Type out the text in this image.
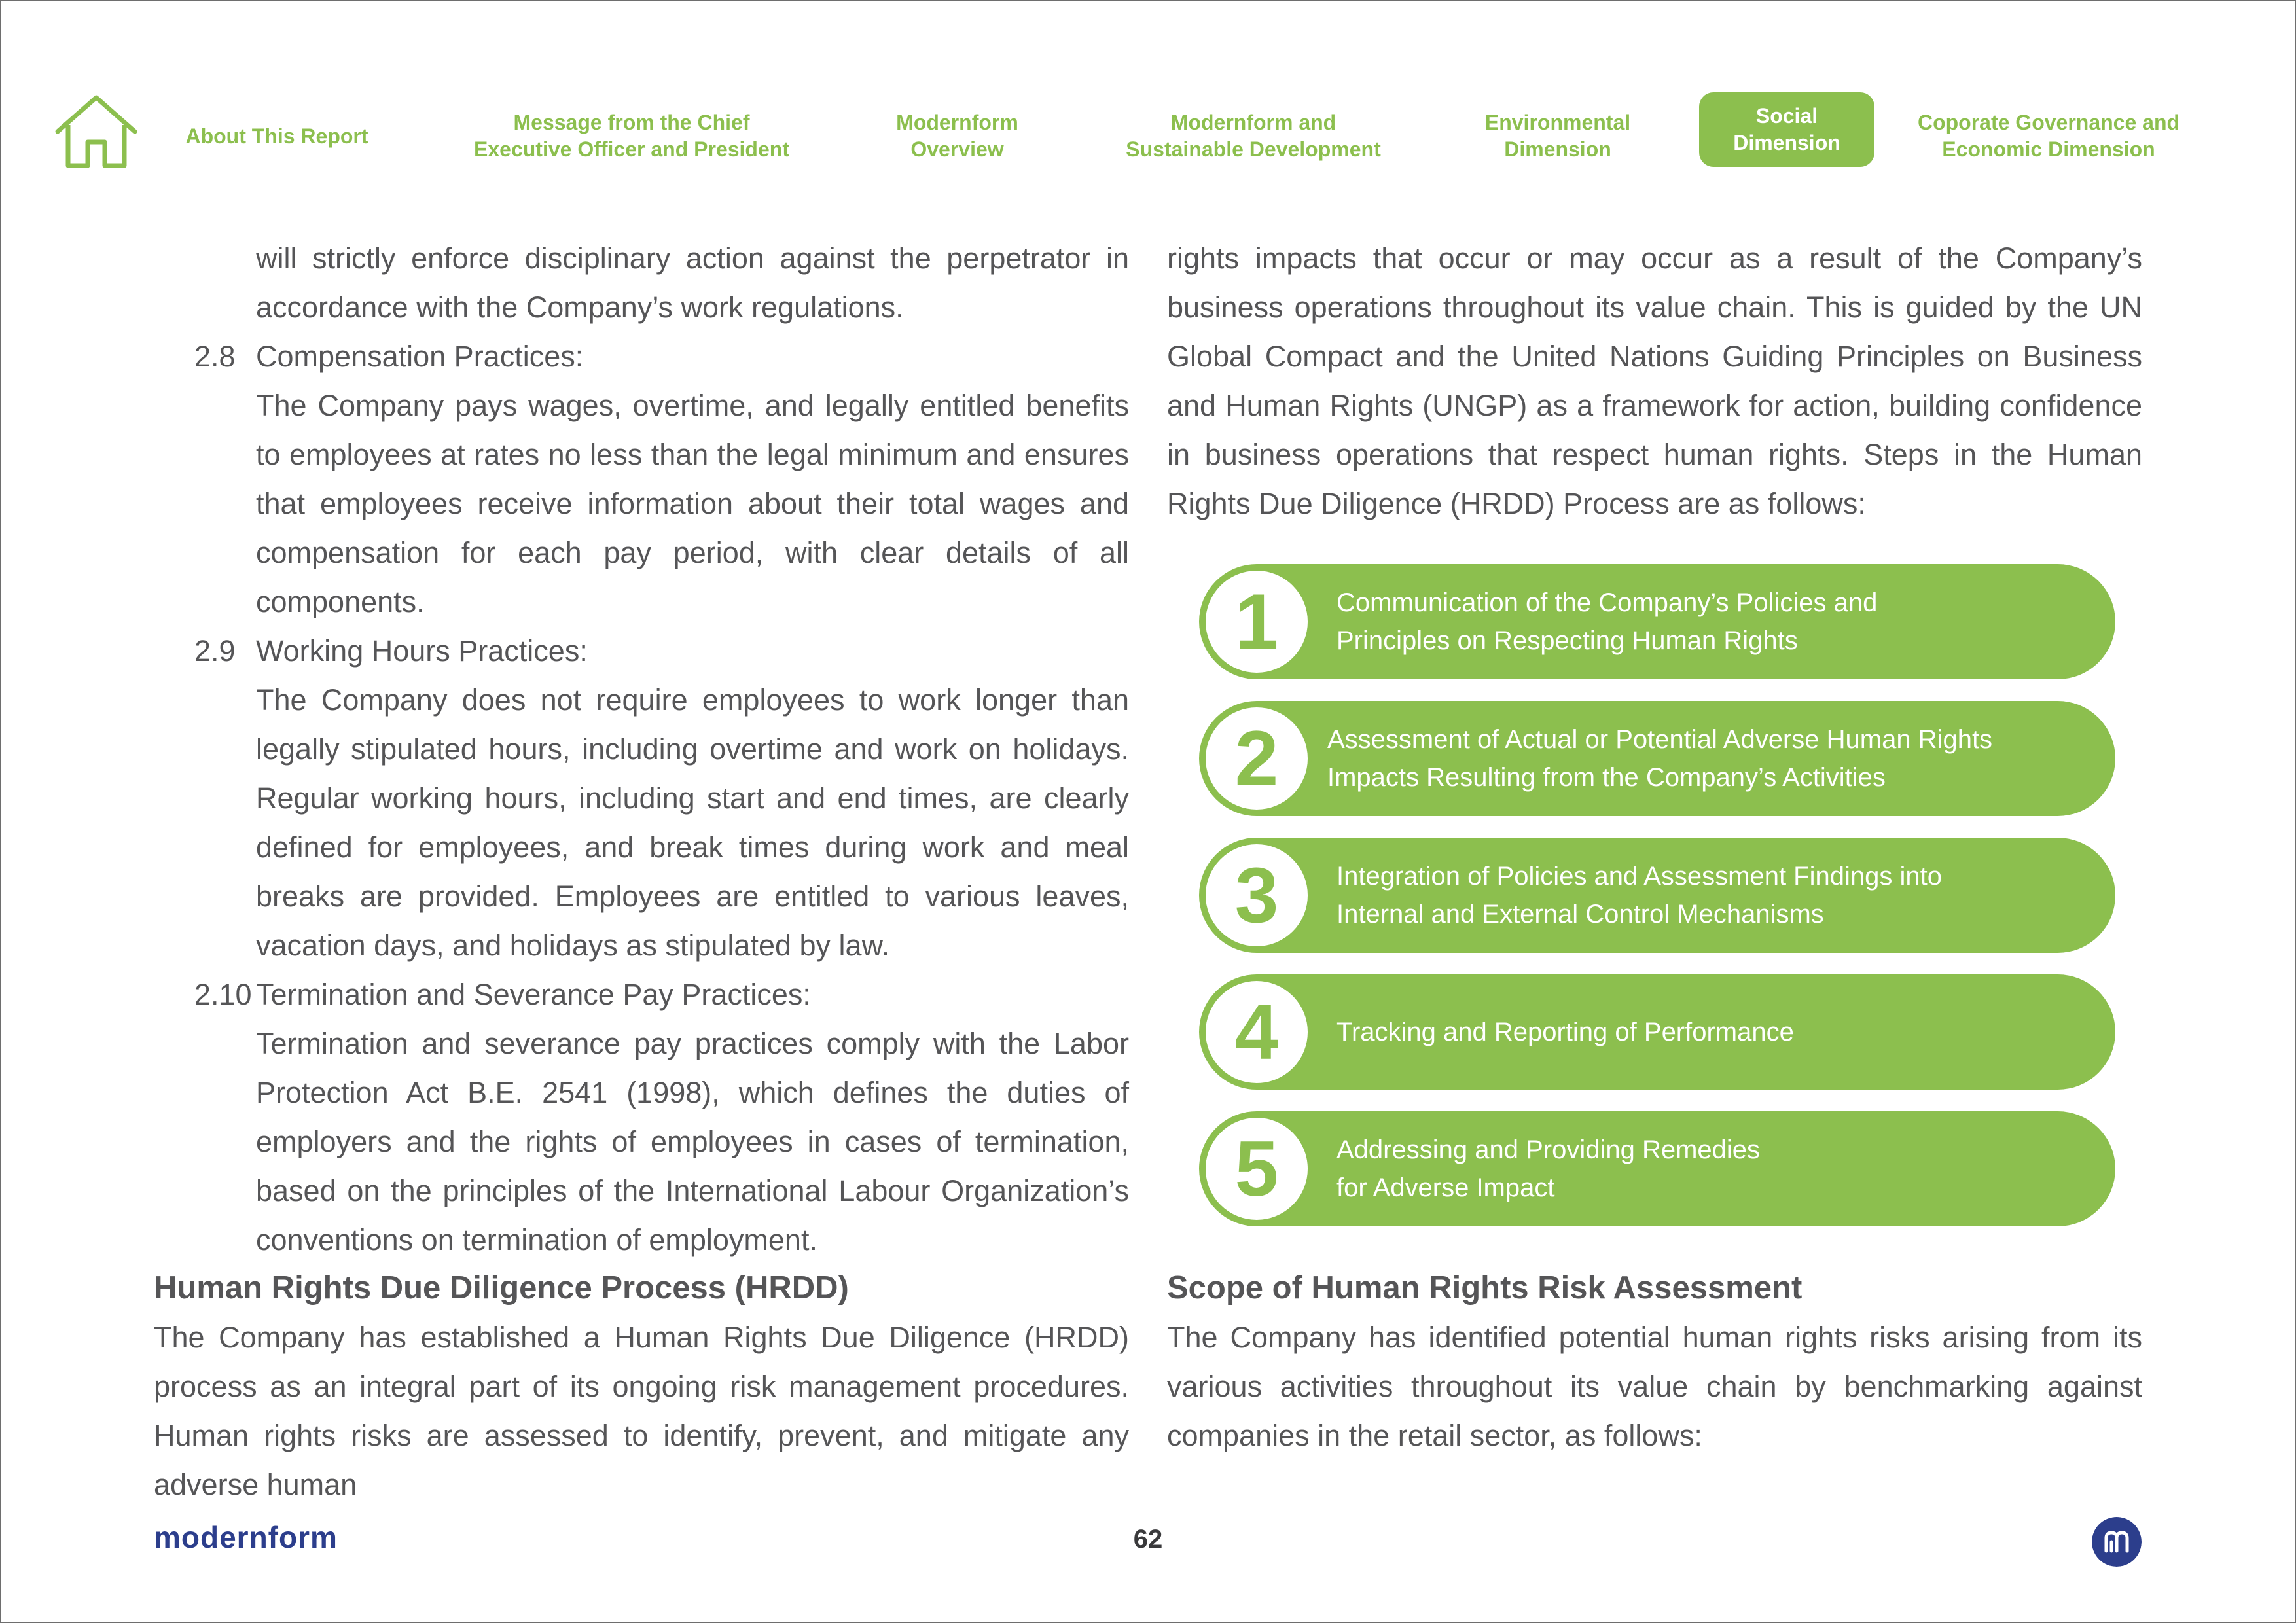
About This Report
Message from the Chief
Executive Officer and President
Modernform
Overview
Modernform and
Sustainable Development
Environmental
Dimension
Social
Dimension
Coporate Governance and
Economic Dimension

will strictly enforce disciplinary action against the perpetrator in accordance with the Company’s work regulations.

2.8 Compensation Practices:

The Company pays wages, overtime, and legally entitled benefits to employees at rates no less than the legal minimum and ensures that employees receive information about their total wages and compensation for each pay period, with clear details of all components.

2.9 Working Hours Practices:

The Company does not require employees to work longer than legally stipulated hours, including overtime and work on holidays. Regular working hours, including start and end times, are clearly defined for employees, and break times during work and meal breaks are provided. Employees are entitled to various leaves, vacation days, and holidays as stipulated by law.

2.10 Termination and Severance Pay Practices:

Termination and severance pay practices comply with the Labor Protection Act B.E. 2541 (1998), which defines the duties of employers and the rights of employees in cases of termination, based on the principles of the International Labour Organization’s conventions on termination of employment.

rights impacts that occur or may occur as a result of the Company’s business operations throughout its value chain. This is guided by the UN Global Compact and the United Nations Guiding Principles on Business and Human Rights (UNGP) as a framework for action, building confidence in business operations that respect human rights. Steps in the Human Rights Due Diligence (HRDD) Process are as follows:

1	Communication of the Company’s Policies and
Principles on Respecting Human Rights
2	Assessment of Actual or Potential Adverse Human Rights
Impacts Resulting from the Company’s Activities
3	Integration of Policies and Assessment Findings into
Internal and External Control Mechanisms
4	Tracking and Reporting of Performance
5	Addressing and Providing Remedies
for Adverse Impact
Human Rights Due Diligence Process (HRDD)

The Company has established a Human Rights Due Diligence (HRDD) process as an integral part of its ongoing risk management procedures. Human rights risks are assessed to identify, prevent, and mitigate any adverse human

Scope of Human Rights Risk Assessment

The Company has identified potential human rights risks arising from its various activities throughout its value chain by benchmarking against companies in the retail sector, as follows:

modernform	62
